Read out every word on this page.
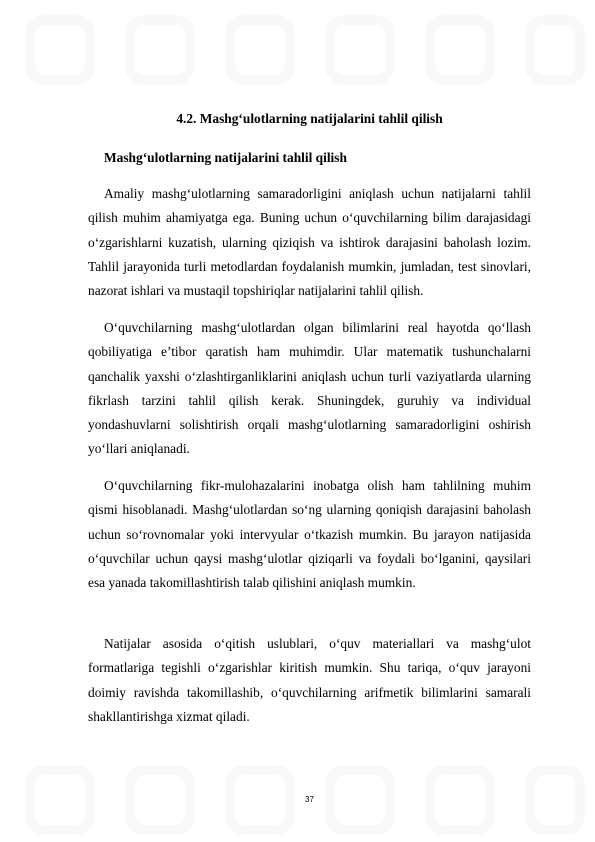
4.2. Mashg‘ulotlarning natijalarini tahlil qilish
Mashg‘ulotlarning natijalarini tahlil qilish

Amaliy mashg‘ulotlarning samaradorligini aniqlash uchun natijalarni tahlil qilish muhim ahamiyatga ega. Buning uchun o‘quvchilarning bilim darajasidagi o‘zgarishlarni kuzatish, ularning qiziqish va ishtirok darajasini baholash lozim. Tahlil jarayonida turli metodlardan foydalanish mumkin, jumladan, test sinovlari, nazorat ishlari va mustaqil topshiriqlar natijalarini tahlil qilish.

O‘quvchilarning mashg‘ulotlardan olgan bilimlarini real hayotda qo‘llash qobiliyatiga e’tibor qaratish ham muhimdir. Ular matematik tushunchalarni qanchalik yaxshi o‘zlashtirganliklarini aniqlash uchun turli vaziyatlarda ularning fikrlash tarzini tahlil qilish kerak. Shuningdek, guruhiy va individual yondashuvlarni solishtirish orqali mashg‘ulotlarning samaradorligini oshirish yo‘llari aniqlanadi.

O‘quvchilarning fikr-mulohazalarini inobatga olish ham tahlilning muhim qismi hisoblanadi. Mashg‘ulotlardan so‘ng ularning qoniqish darajasini baholash uchun so‘rovnomalar yoki intervyular o‘tkazish mumkin. Bu jarayon natijasida o‘quvchilar uchun qaysi mashg‘ulotlar qiziqarli va foydali bo‘lganini, qaysilari esa yanada takomillashtirish talab qilishini aniqlash mumkin.

Natijalar asosida o‘qitish uslublari, o‘quv materiallari va mashg‘ulot formatlariga tegishli o‘zgarishlar kiritish mumkin. Shu tariqa, o‘quv jarayoni doimiy ravishda takomillashib, o‘quvchilarning arifmetik bilimlarini samarali shakllantirishga xizmat qiladi.

37
